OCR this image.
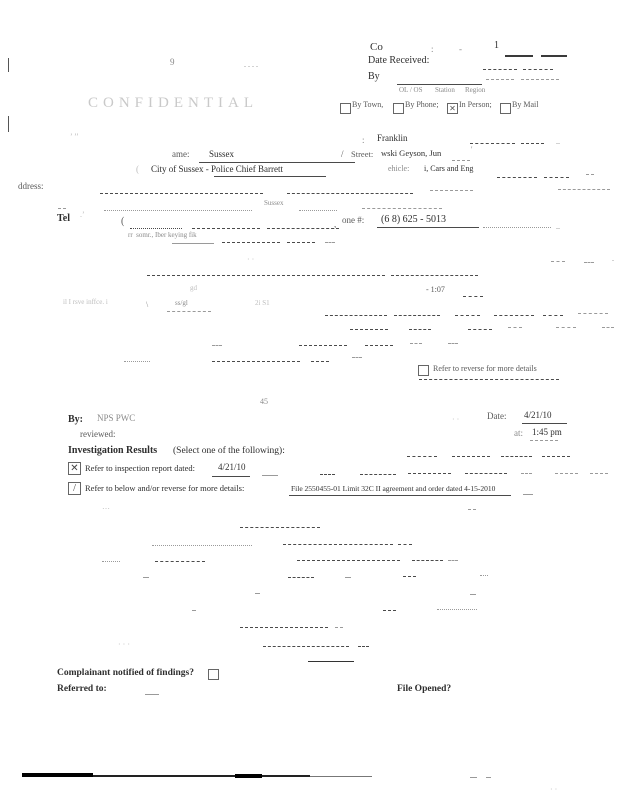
CONFIDENTIAL
’ ’’
9	....
Co	:	-	1
Date Received:
By
OL / OS Station Region
By Town,	By Phone; ✕ In Person;	By Mail
: Franklin	..
ame: Sussex	/ Street: wski Geyson, Jun	'
( City of Sussex - Police Chief Barrett	ehicle: i, Cars and Eng
ddress:
Sussex
Tel .’
(	, one #: (6 8) 625 - 5013
..
rr  somr., Iber keying fik
· ·	.
gd	- 1:07
il I rsve inffce. i	\	ss/gl	2i S1
Refer to reverse for more details
45
By: NPS PWC	· ·	Date: 4/21/10
reviewed:	at: 1:45 pm
Investigation Results (Select one of the following):
✕ Refer to inspection report dated:	4/21/10
/	Refer to below and/or reverse for more details:	File 2550455-01 Limit 32C II agreement and order dated 4-15-2010
…
· · ·
Complainant notified of findings?
Referred to:	File Opened?
· ·
